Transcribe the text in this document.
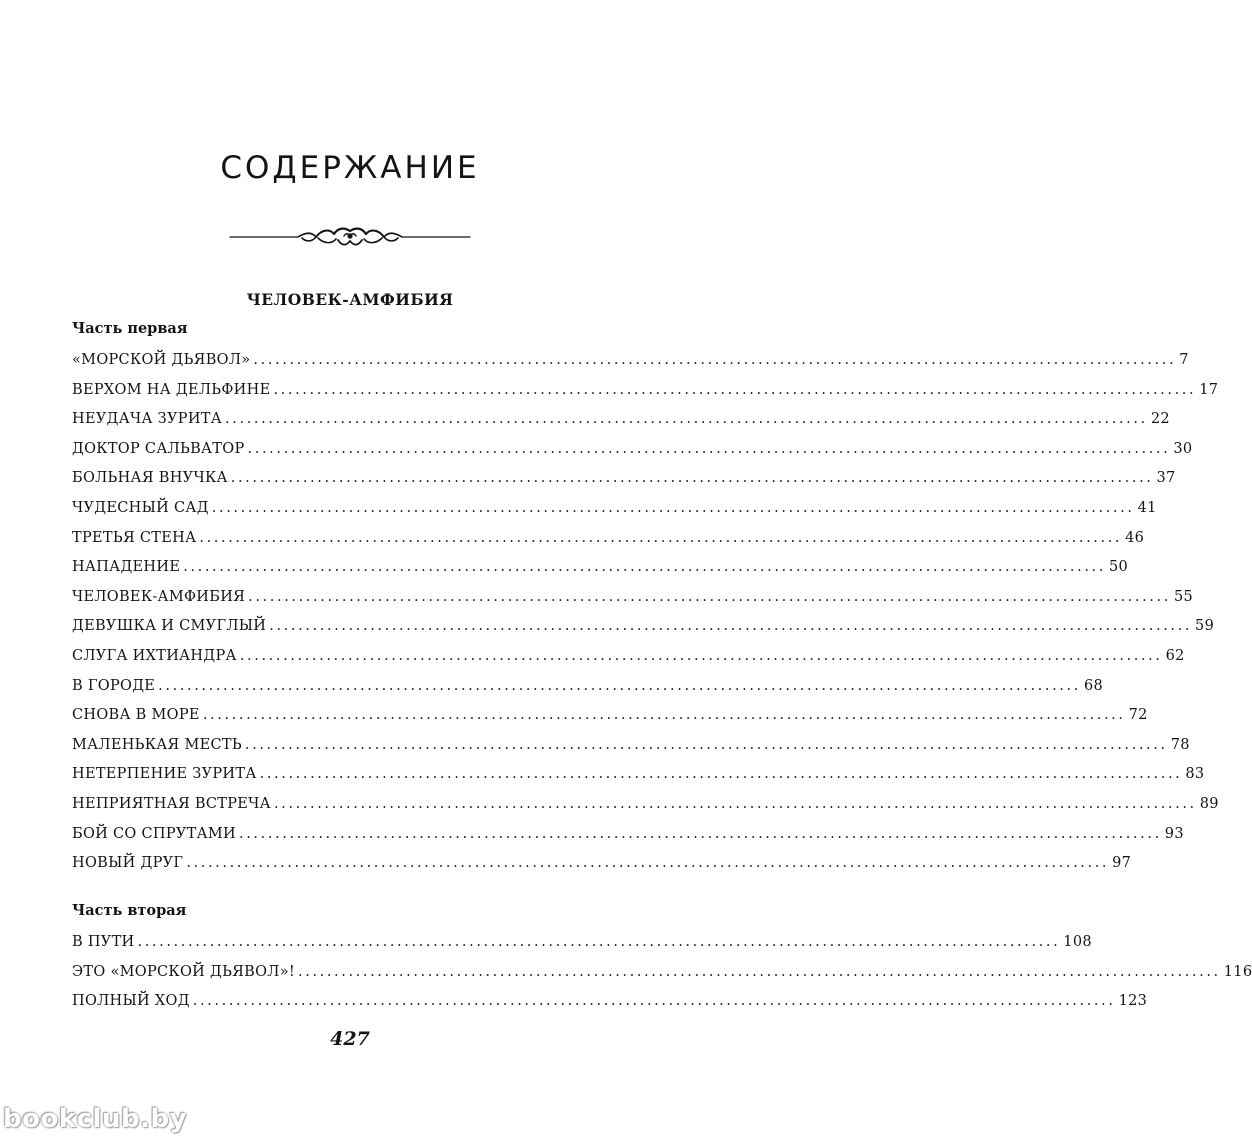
СОДЕРЖАНИЕ
ЧЕЛОВЕК-АМФИБИЯ
Часть первая
«МОРСКОЙ ДЬЯВОЛ» ................................................................................................................................ 7
ВЕРХОМ НА ДЕЛЬФИНЕ ................................................................................................................................ 17
НЕУДАЧА ЗУРИТА ................................................................................................................................ 22
ДОКТОР САЛЬВАТОР ................................................................................................................................ 30
БОЛЬНАЯ ВНУЧКА ................................................................................................................................ 37
ЧУДЕСНЫЙ САД ................................................................................................................................ 41
ТРЕТЬЯ СТЕНА ................................................................................................................................ 46
НАПАДЕНИЕ ................................................................................................................................ 50
ЧЕЛОВЕК-АМФИБИЯ ................................................................................................................................ 55
ДЕВУШКА И СМУГЛЫЙ ................................................................................................................................ 59
СЛУГА ИХТИАНДРА ................................................................................................................................ 62
В ГОРОДЕ ................................................................................................................................ 68
СНОВА В МОРЕ ................................................................................................................................ 72
МАЛЕНЬКАЯ МЕСТЬ ................................................................................................................................ 78
НЕТЕРПЕНИЕ ЗУРИТА ................................................................................................................................ 83
НЕПРИЯТНАЯ ВСТРЕЧА ................................................................................................................................ 89
БОЙ СО СПРУТАМИ ................................................................................................................................ 93
НОВЫЙ ДРУГ ................................................................................................................................ 97
Часть вторая
В ПУТИ ................................................................................................................................ 108
ЭТО «МОРСКОЙ ДЬЯВОЛ»! ................................................................................................................................ 116
ПОЛНЫЙ ХОД ................................................................................................................................ 123
427
bookclub.by
